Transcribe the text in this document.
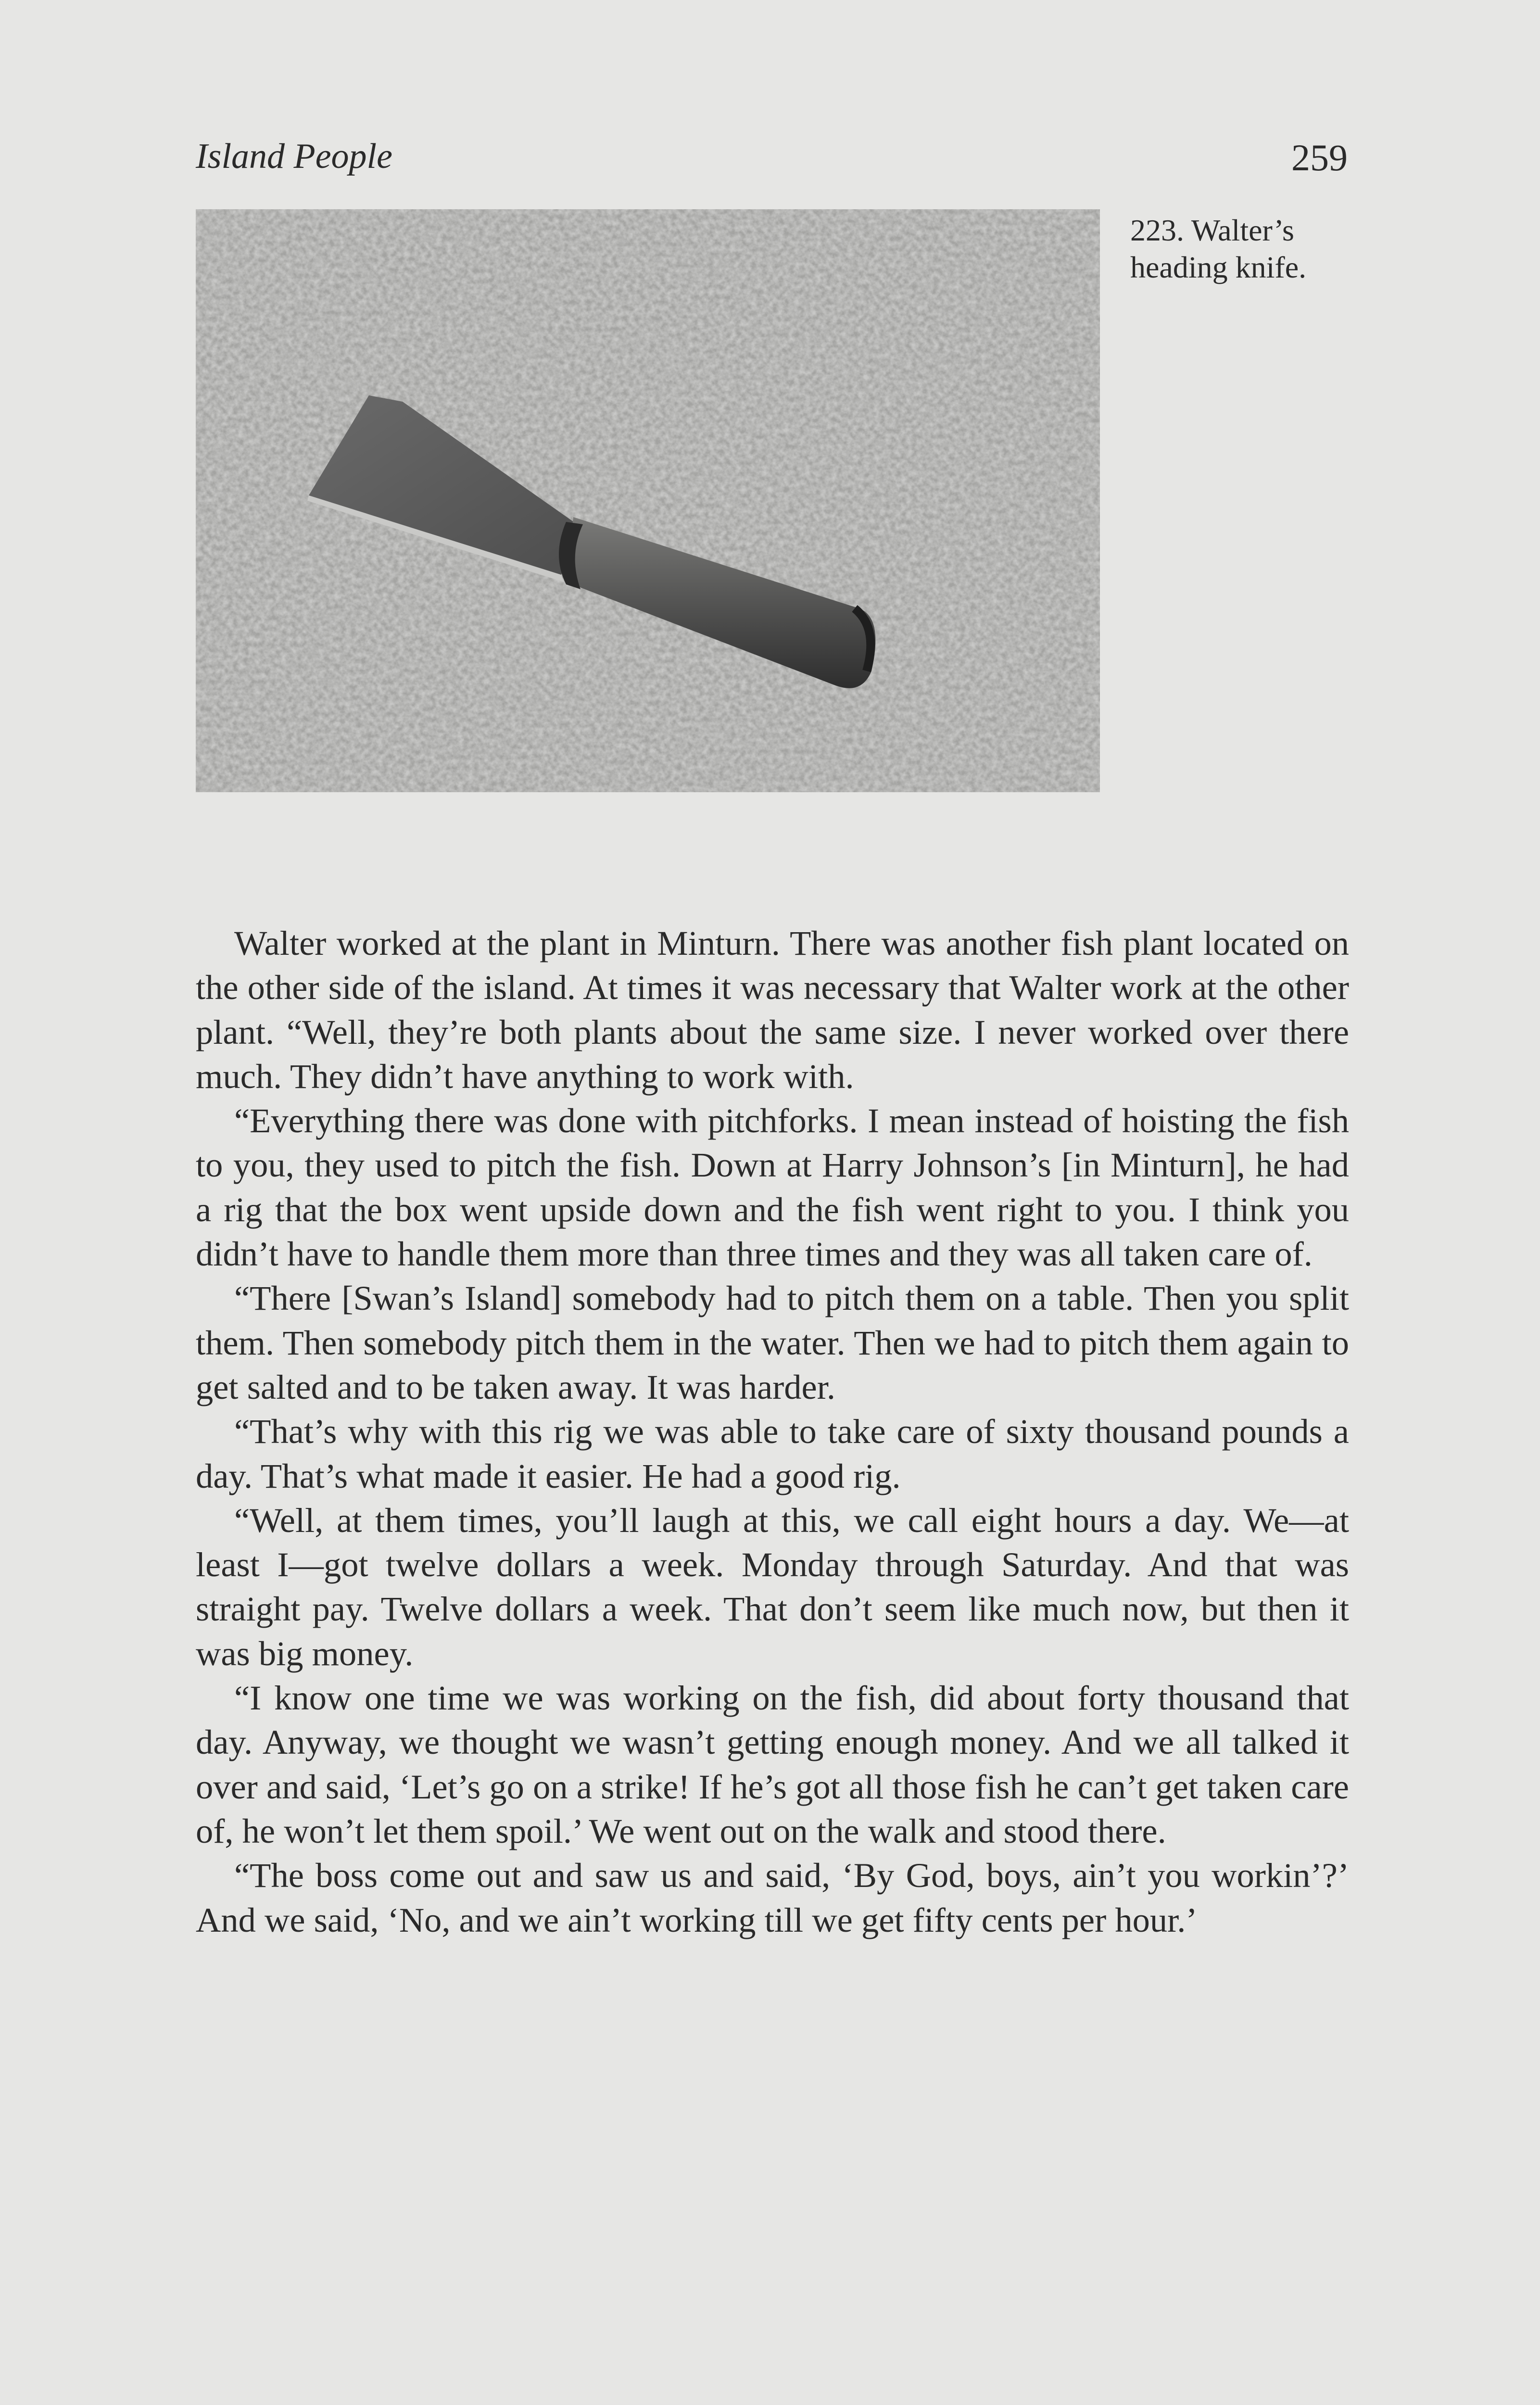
Island People	259
223. Walter’s heading knife.

Walter worked at the plant in Minturn. There was another fish plant located on the other side of the island. At times it was necessary that Walter work at the other plant. “Well, they’re both plants about the same size. I never worked over there much. They didn’t have anything to work with.

“Everything there was done with pitchforks. I mean instead of hoisting the fish to you, they used to pitch the fish. Down at Harry Johnson’s [in Minturn], he had a rig that the box went upside down and the fish went right to you. I think you didn’t have to handle them more than three times and they was all taken care of.

“There [Swan’s Island] somebody had to pitch them on a table. Then you split them. Then somebody pitch them in the water. Then we had to pitch them again to get salted and to be taken away. It was harder.

“That’s why with this rig we was able to take care of sixty thousand pounds a day. That’s what made it easier. He had a good rig.

“Well, at them times, you’ll laugh at this, we call eight hours a day. We—at least I—got twelve dollars a week. Monday through Saturday. And that was straight pay. Twelve dollars a week. That don’t seem like much now, but then it was big money.

“I know one time we was working on the fish, did about forty thousand that day. Anyway, we thought we wasn’t getting enough money. And we all talked it over and said, ‘Let’s go on a strike! If he’s got all those fish he can’t get taken care of, he won’t let them spoil.’ We went out on the walk and stood there.

“The boss come out and saw us and said, ‘By God, boys, ain’t you workin’?’ And we said, ‘No, and we ain’t working till we get fifty cents per hour.’
